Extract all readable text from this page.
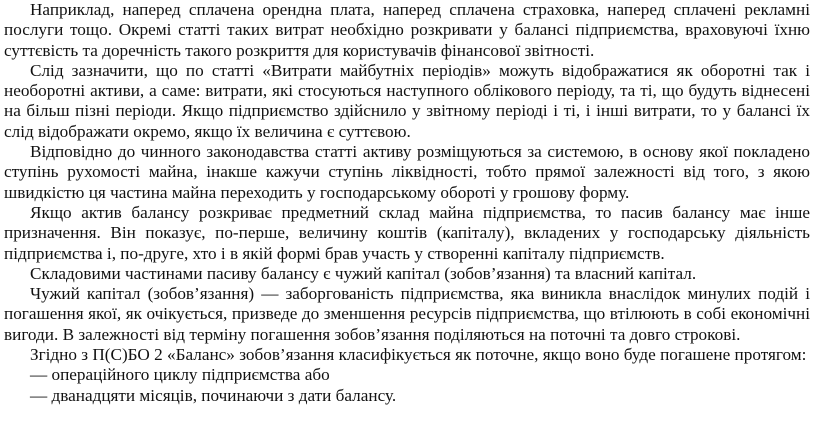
Наприклад, наперед сплачена орендна плата, наперед сплачена страховка, наперед сплачені рекламні послуги тощо. Окремі статті таких витрат необхідно розкривати у балансі підприємства, враховуючі їхню суттєвість та доречність такого розкриття для користувачів фінансової звітності.

Слід зазначити, що по статті «Витрати майбутніх періодів» можуть відображатися як оборотні так і необоротні активи, а саме: витрати, які стосуються наступного облікового періоду, та ті, що будуть віднесені на більш пізні періоди. Якщо підприємство здійснило у звітному періоді і ті, і інші витрати, то у балансі їх слід відображати окремо, якщо їх величина є суттєвою.

Відповідно до чинного законодавства статті активу розміщуються за системою, в основу якої покладено ступінь рухомості майна, інакше кажучи ступінь ліквідності, тобто прямої залежності від того, з якою швидкістю ця частина майна переходить у господарському обороті у грошову форму.

Якщо актив балансу розкриває предметний склад майна підприємства, то пасив балансу має інше призначення. Він показує, по-перше, величину коштів (капіталу), вкладених у господарську діяльність підприємства і, по-друге, хто і в якій формі брав участь у створенні капіталу підприємств.

Складовими частинами пасиву балансу є чужий капітал (зобов’язання) та власний капітал.

Чужий капітал (зобов’язання) — заборгованість підприємства, яка виникла внаслідок минулих подій і погашення якої, як очікується, призведе до зменшення ресурсів підприємства, що втілюють в собі економічні вигоди. В залежності від терміну погашення зобов’язання поділяються на поточні та довго строкові.

Згідно з П(С)БО 2 «Баланс» зобов’язання класифікується як поточне, якщо воно буде погашене протягом:

— операційного циклу підприємства або

— дванадцяти місяців, починаючи з дати балансу.
